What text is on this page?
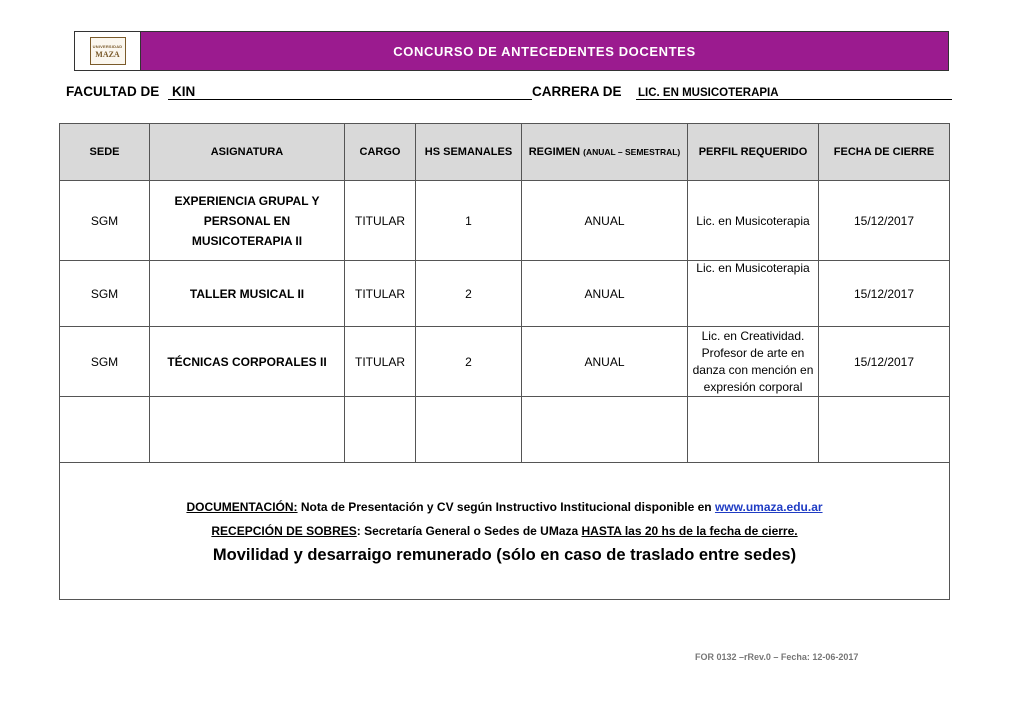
UNIVERSIDAD
MAZA	CONCURSO DE ANTECEDENTES DOCENTES
FACULTAD DE KIN	CARRERA DE LIC. EN MUSICOTERAPIA
SEDE	ASIGNATURA	CARGO	HS SEMANALES	REGIMEN (ANUAL – SEMESTRAL)	PERFIL REQUERIDO	FECHA DE CIERRE
SGM	EXPERIENCIA GRUPAL Y PERSONAL EN MUSICOTERAPIA II	TITULAR	1	ANUAL	Lic. en Musicoterapia	15/12/2017
SGM	TALLER MUSICAL II	TITULAR	2	ANUAL	Lic. en Musicoterapia	15/12/2017
SGM	TÉCNICAS CORPORALES II	TITULAR	2	ANUAL	Lic. en Creatividad. Profesor de arte en danza con mención en expresión corporal	15/12/2017

DOCUMENTACIÓN: Nota de Presentación y CV según Instructivo Institucional disponible en www.umaza.edu.ar
RECEPCIÓN DE SOBRES: Secretaría General o Sedes de UMaza HASTA las 20 hs de la fecha de cierre.
Movilidad y desarraigo remunerado (sólo en caso de traslado entre sedes)						
FOR 0132 –rRev.0 – Fecha: 12-06-2017
